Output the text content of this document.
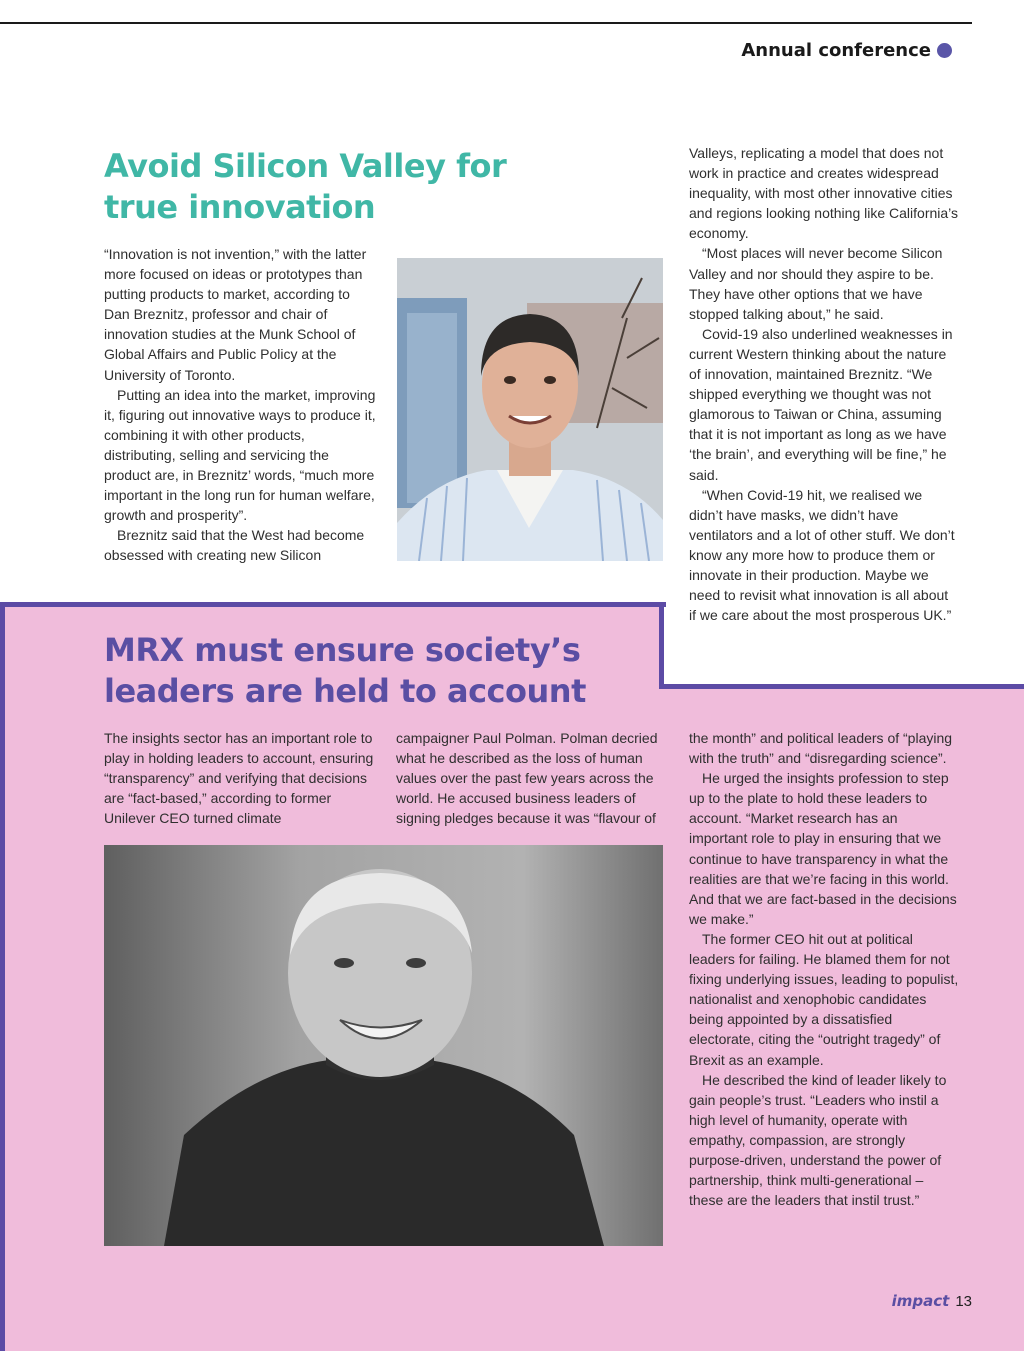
Annual conference
Avoid Silicon Valley for true innovation

“Innovation is not invention,” with the latter more focused on ideas or prototypes than putting products to market, according to Dan Breznitz, professor and chair of innovation studies at the Munk School of Global Affairs and Public Policy at the University of Toronto.

Putting an idea into the market, improving it, figuring out innovative ways to produce it, combining it with other products, distributing, selling and servicing the product are, in Breznitz’ words, “much more important in the long run for human welfare, growth and prosperity”.

Breznitz said that the West had become obsessed with creating new Silicon

Valleys, replicating a model that does not work in practice and creates widespread inequality, with most other innovative cities and regions looking nothing like California’s economy.

“Most places will never become Silicon Valley and nor should they aspire to be. They have other options that we have stopped talking about,” he said.

Covid-19 also underlined weaknesses in current Western thinking about the nature of innovation, maintained Breznitz. “We shipped everything we thought was not glamorous to Taiwan or China, assuming that it is not important as long as we have ‘the brain’, and everything will be fine,” he said.

“When Covid-19 hit, we realised we didn’t have masks, we didn’t have ventilators and a lot of other stuff. We don’t know any more how to produce them or innovate in their production. Maybe we need to revisit what innovation is all about if we care about the most prosperous UK.”

MRX must ensure society’s leaders are held to account

The insights sector has an important role to play in holding leaders to account, ensuring “transparency” and verifying that decisions are “fact-based,” according to former Unilever CEO turned climate

campaigner Paul Polman. Polman decried what he described as the loss of human values over the past few years across the world. He accused business leaders of signing pledges because it was “flavour of

the month” and political leaders of “playing with the truth” and “disregarding science”.

He urged the insights profession to step up to the plate to hold these leaders to account. “Market research has an important role to play in ensuring that we continue to have transparency in what the realities are that we’re facing in this world. And that we are fact-based in the decisions we make.”

The former CEO hit out at political leaders for failing. He blamed them for not fixing underlying issues, leading to populist, nationalist and xenophobic candidates being appointed by a dissatisfied electorate, citing the “outright tragedy” of Brexit as an example.

He described the kind of leader likely to gain people’s trust. “Leaders who instil a high level of humanity, operate with empathy, compassion, are strongly purpose-driven, understand the power of partnership, think multi-generational – these are the leaders that instil trust.”

impact 13
